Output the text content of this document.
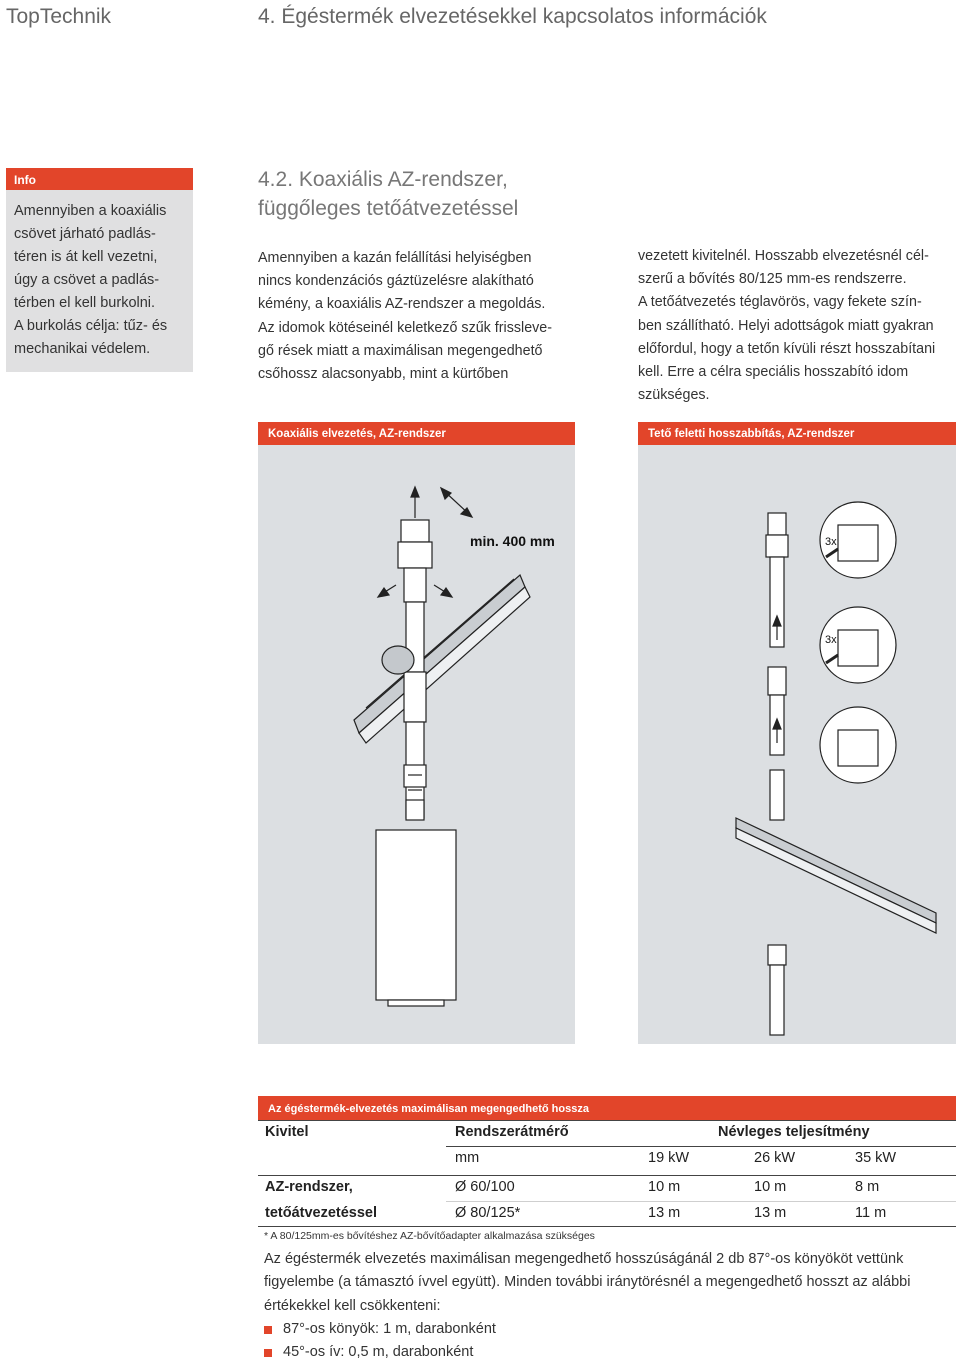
TopTechnik	4. Égéstermék elvezetésekkel kapcsolatos információk
Info
Amennyiben a koaxiális
csövet járható padlás-
téren is át kell vezetni,
úgy a csövet a padlás-
térben el kell burkolni.
A burkolás célja: tűz- és
mechanikai védelem.
4.2. Koaxiális AZ-rendszer,
függőleges tetőátvezetéssel
Amennyiben a kazán felállítási helyiségben
nincs kondenzációs gáztüzelésre alakítható
kémény, a koaxiális AZ-rendszer a megoldás.
Az idomok kötéseinél keletkező szűk frissleve-
gő rések miatt a maximálisan megengedhető
csőhossz alacsonyabb, mint a kürtőben
vezetett kivitelnél. Hosszabb elvezetésnél cél-
szerű a bővítés 80/125 mm-es rendszerre.
A tetőátvezetés téglavörös, vagy fekete szín-
ben szállítható. Helyi adottságok miatt gyakran
előfordul, hogy a tetőn kívüli részt hosszabítani
kell. Erre a célra speciális hosszabító idom
szükséges.
Koaxiális elvezetés, AZ-rendszer
min. 400 mm
Tető feletti hosszabbítás, AZ-rendszer
3x
3x
Az égéstermék-elvezetés maximálisan megengedhető hossza
Kivitel	Rendszerátmérő	Névleges teljesítmény
mm	19 kW	26 kW	35 kW
AZ-rendszer,	Ø 60/100	10 m	10 m	8 m
tetőátvezetéssel	Ø 80/125*	13 m	13 m	11 m
* A 80/125mm-es bővítéshez AZ-bővítőadapter alkalmazása szükséges
Az égéstermék elvezetés maximálisan megengedhető hosszúságánál 2 db 87°-os könyököt vettünk
figyelembe (a támasztó ívvel együtt). Minden további iránytörésnél a megengedhető hosszt az alábbi
értékekkel kell csökkenteni:
87°-os könyök: 1 m, darabonként
45°-os ív: 0,5 m, darabonként
